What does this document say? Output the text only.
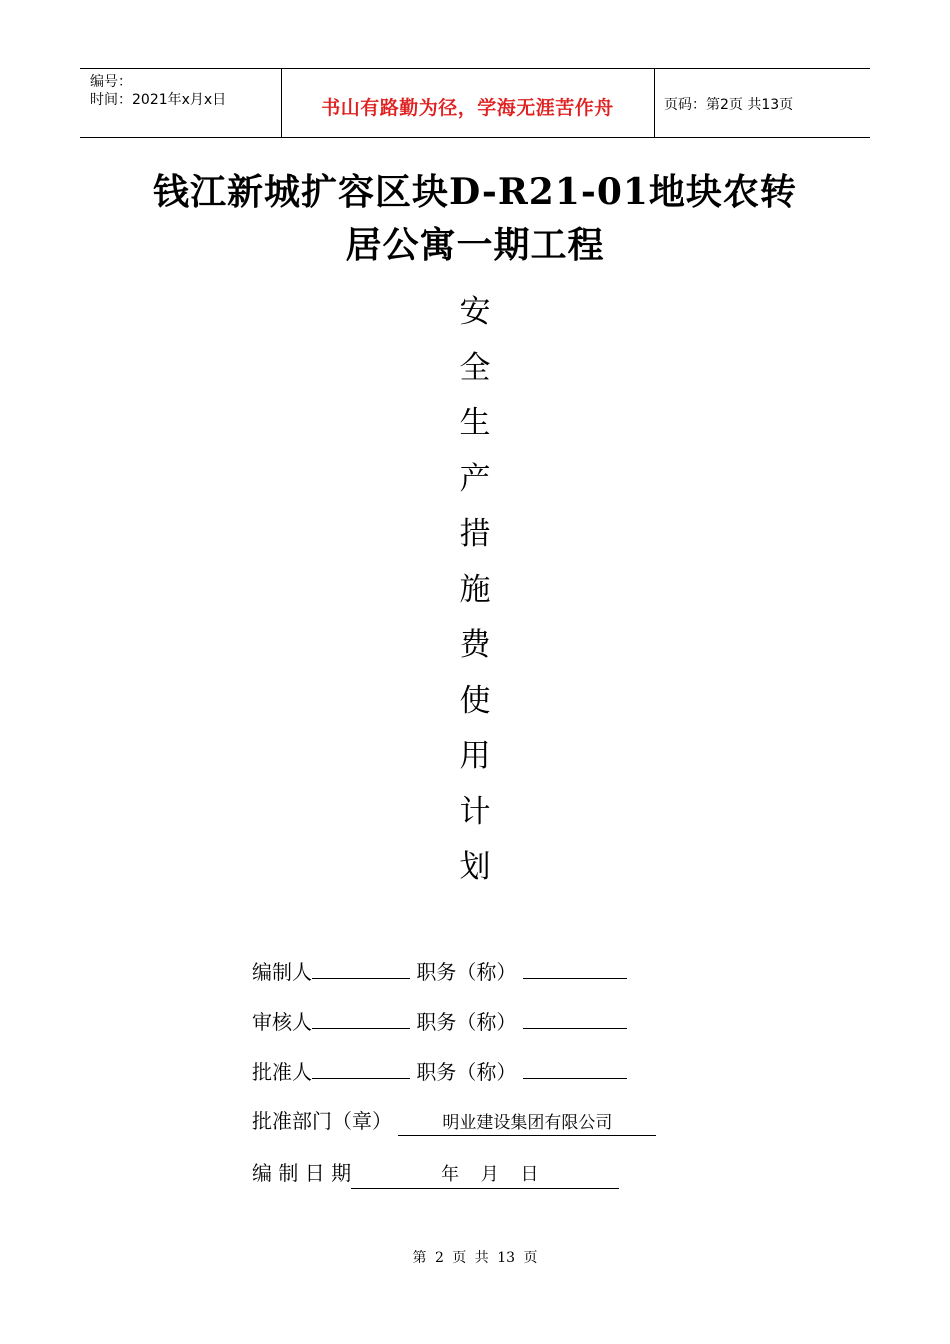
编号：
时间：2021年x月x日	书山有路勤为径，学海无涯苦作舟	页码：第2页 共13页
钱江新城扩容区块D-R21-01地块农转
居公寓一期工程
安
全
生
产
措
施
费
使
用
计
划
编制人	职务（称）
审核人	职务（称）
批准人	职务（称）
批准部门（章）	明业建设集团有限公司
编 制 日 期	年 月 日
第 2 页 共 13 页
